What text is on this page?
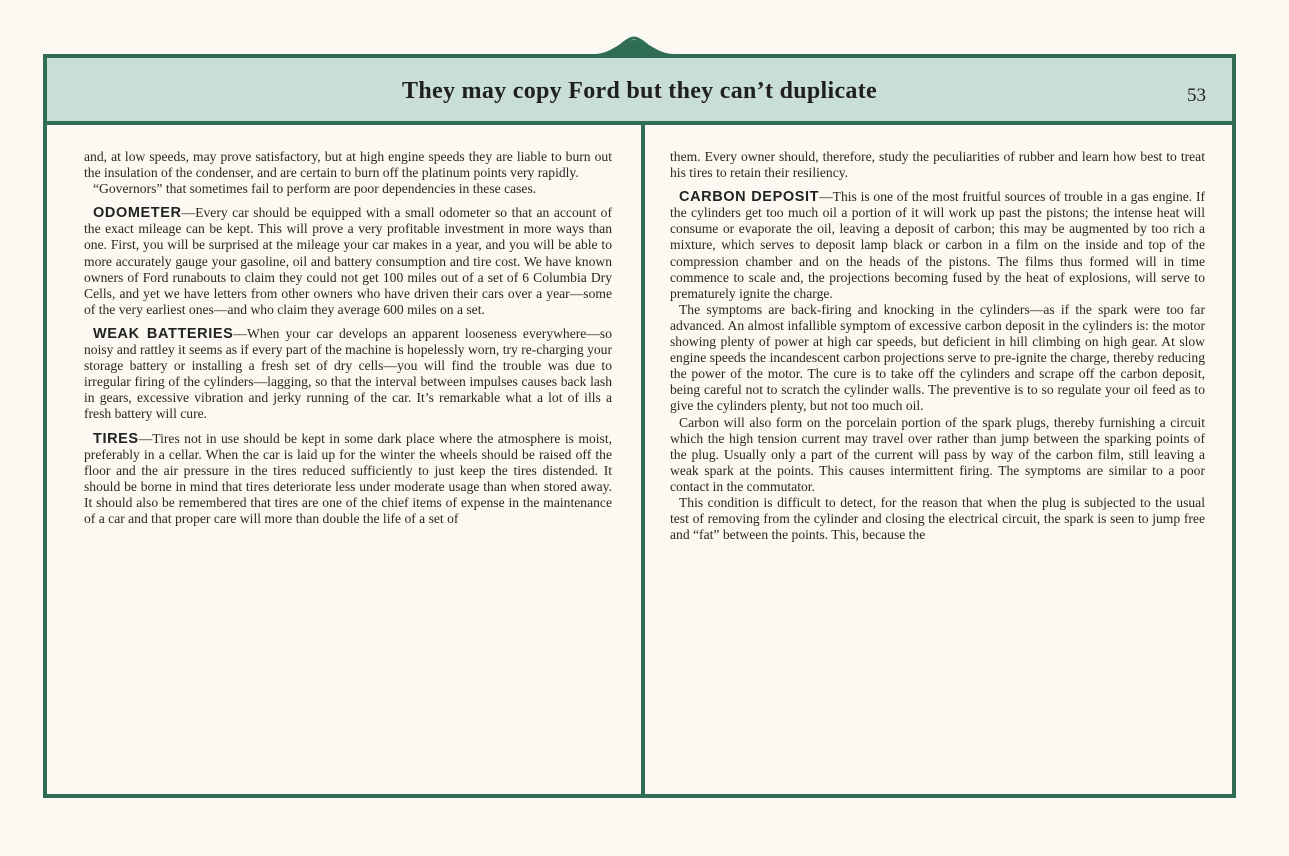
They may copy Ford but they can’t duplicate	53

and, at low speeds, may prove satisfactory, but at high engine speeds they are liable to burn out the insulation of the condenser, and are certain to burn off the platinum points very rapidly.

“Governors” that sometimes fail to perform are poor dependencies in these cases.

ODOMETER—Every car should be equipped with a small odometer so that an account of the exact mileage can be kept. This will prove a very profitable investment in more ways than one. First, you will be surprised at the mileage your car makes in a year, and you will be able to more accurately gauge your gasoline, oil and battery consumption and tire cost. We have known owners of Ford runabouts to claim they could not get 100 miles out of a set of 6 Columbia Dry Cells, and yet we have letters from other owners who have driven their cars over a year—some of the very earliest ones—and who claim they average 600 miles on a set.

WEAK BATTERIES—When your car develops an apparent looseness everywhere—so noisy and rattley it seems as if every part of the machine is hopelessly worn, try re-charging your storage battery or installing a fresh set of dry cells—you will find the trouble was due to irregular firing of the cylinders—lagging, so that the interval between impulses causes back lash in gears, excessive vibration and jerky running of the car. It’s remarkable what a lot of ills a fresh battery will cure.

TIRES—Tires not in use should be kept in some dark place where the atmosphere is moist, preferably in a cellar. When the car is laid up for the winter the wheels should be raised off the floor and the air pressure in the tires reduced sufficiently to just keep the tires distended. It should be borne in mind that tires deteriorate less under moderate usage than when stored away. It should also be remembered that tires are one of the chief items of expense in the maintenance of a car and that proper care will more than double the life of a set of

them. Every owner should, therefore, study the peculiarities of rubber and learn how best to treat his tires to retain their resiliency.

CARBON DEPOSIT—This is one of the most fruitful sources of trouble in a gas engine. If the cylinders get too much oil a portion of it will work up past the pistons; the intense heat will consume or evaporate the oil, leaving a deposit of carbon; this may be augmented by too rich a mixture, which serves to deposit lamp black or carbon in a film on the inside and top of the compression chamber and on the heads of the pistons. The films thus formed will in time commence to scale and, the projections becoming fused by the heat of explosions, will serve to prematurely ignite the charge.

The symptoms are back-firing and knocking in the cylinders—as if the spark were too far advanced. An almost infallible symptom of excessive carbon deposit in the cylinders is: the motor showing plenty of power at high car speeds, but deficient in hill climbing on high gear. At slow engine speeds the incandescent carbon projections serve to pre-ignite the charge, thereby reducing the power of the motor. The cure is to take off the cylinders and scrape off the carbon deposit, being careful not to scratch the cylinder walls. The preventive is to so regulate your oil feed as to give the cylinders plenty, but not too much oil.

Carbon will also form on the porcelain portion of the spark plugs, thereby furnishing a circuit which the high tension current may travel over rather than jump between the sparking points of the plug. Usually only a part of the current will pass by way of the carbon film, still leaving a weak spark at the points. This causes intermittent firing. The symptoms are similar to a poor contact in the commutator.

This condition is difficult to detect, for the reason that when the plug is subjected to the usual test of removing from the cylinder and closing the electrical circuit, the spark is seen to jump free and “fat” between the points. This, because the
